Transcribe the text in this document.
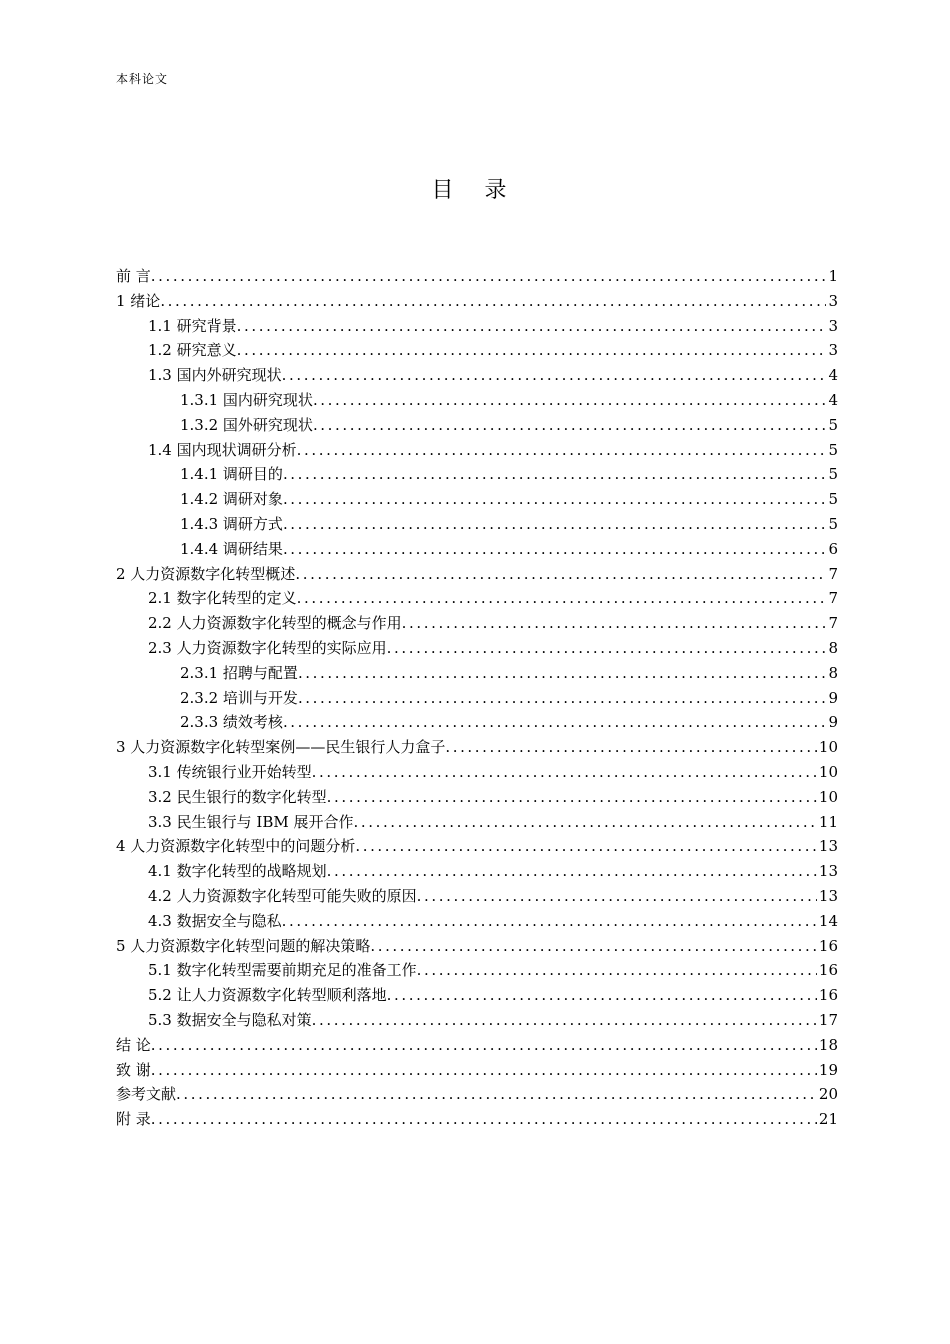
本科论文
目 录
前 言 .....	1
1 绪论 .....	3
1.1 研究背景 .....	3
1.2 研究意义 .....	3
1.3 国内外研究现状 .....	4
1.3.1 国内研究现状 .....	4
1.3.2 国外研究现状 .....	5
1.4 国内现状调研分析 .....	5
1.4.1 调研目的 .....	5
1.4.2 调研对象 .....	5
1.4.3 调研方式 .....	5
1.4.4 调研结果 .....	6
2 人力资源数字化转型概述 .....	7
2.1 数字化转型的定义 .....	7
2.2 人力资源数字化转型的概念与作用 .....	7
2.3 人力资源数字化转型的实际应用 .....	8
2.3.1 招聘与配置 .....	8
2.3.2 培训与开发 .....	9
2.3.3 绩效考核 .....	9
3 人力资源数字化转型案例——民生银行人力盒子 .....	10
3.1 传统银行业开始转型 .....	10
3.2 民生银行的数字化转型 .....	10
3.3 民生银行与 IBM 展开合作 .....	11
4 人力资源数字化转型中的问题分析 .....	13
4.1 数字化转型的战略规划 .....	13
4.2 人力资源数字化转型可能失败的原因 .....	13
4.3 数据安全与隐私 .....	14
5 人力资源数字化转型问题的解决策略 .....	16
5.1 数字化转型需要前期充足的准备工作 .....	16
5.2 让人力资源数字化转型顺利落地 .....	16
5.3 数据安全与隐私对策 .....	17
结 论 .....	18
致 谢 .....	19
参考文献 .....	20
附 录 .....	21
